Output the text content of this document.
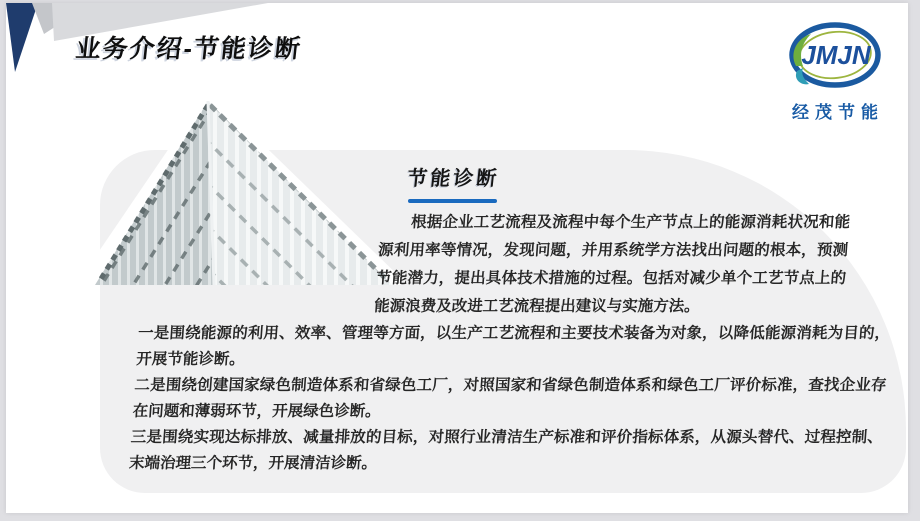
业务介绍-节能诊断	JMJN
经茂节能
节能诊断
根据企业工艺流程及流程中每个生产节点上的能源消耗状况和能源利用率等情况，发现问题，并用系统学方法找出问题的根本，预测节能潜力，提出具体技术措施的过程。包括对减少单个工艺节点上的能源浪费及改进工艺流程提出建议与实施方法。

一是围绕能源的利用、效率、管理等方面，以生产工艺流程和主要技术装备为对象，以降低能源消耗为目的，开展节能诊断。

二是围绕创建国家绿色制造体系和省绿色工厂，对照国家和省绿色制造体系和绿色工厂评价标准，查找企业存在问题和薄弱环节，开展绿色诊断。

三是围绕实现达标排放、减量排放的目标，对照行业清洁生产标准和评价指标体系，从源头替代、过程控制、末端治理三个环节，开展清洁诊断。
